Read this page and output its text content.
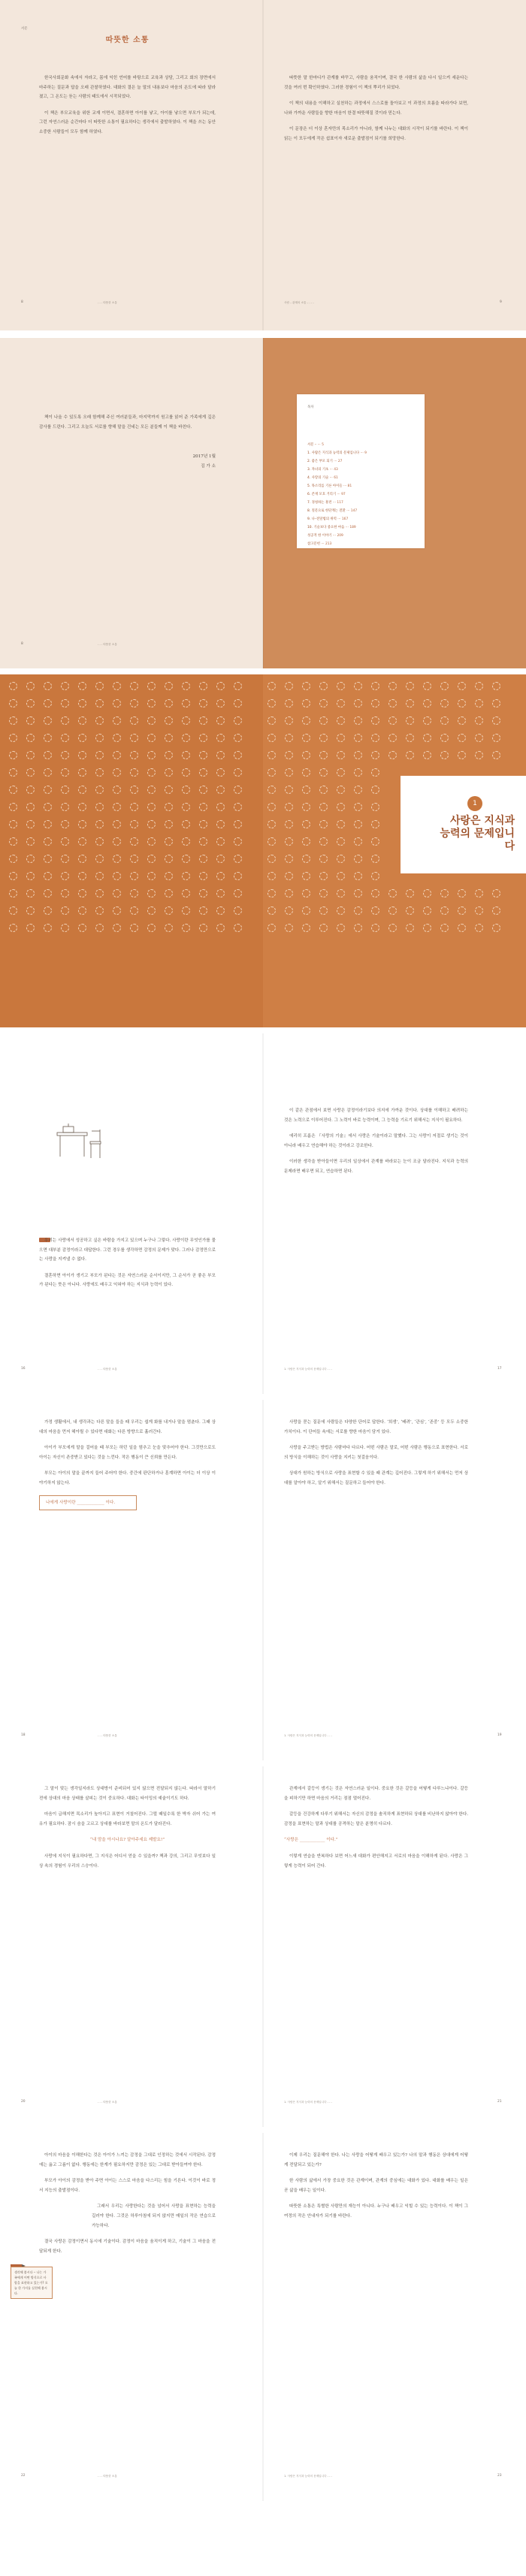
서문
따뜻한 소통

한국사회문화 속에서 자라고, 몸에 익힌 언어를 바탕으로 교육과 상담, 그리고 회의 장면에서 마주하는 질문과 답을 오래 관찰하였다. 대화의 결은 늘 말의 내용보다 마음의 온도에 따라 달라졌고, 그 온도는 듣는 사람의 태도에서 시작되었다.

이 책은 부모교육을 위한 교재 이면서, 결혼하면 아이를 낳고, 아이를 낳으면 부모가 되는데, 그런 자연스러운 순간마다 더 따뜻한 소통이 필요하다는 생각에서 출발하였다. 이 책을 쓰는 동안 소중한 사람들이 모두 함께 하였다.

8	- - - 따뜻한 소통

따뜻한 말 한마디가 관계를 바꾸고, 사람을 움직이며, 결국 한 사람의 삶을 다시 일으켜 세운다는 것을 여러 번 확인하였다. 그러한 경험이 이 책의 뿌리가 되었다.

이 책의 내용을 이해하고 실천하는 과정에서 스스로를 돌아보고 이 과정의 흐름을 따라가다 보면, 나와 가까운 사람들을 향한 마음이 한결 따뜻해질 것이라 믿는다.

이 문장은 더 이상 혼자만의 목소리가 아니라, 함께 나누는 대화의 시작이 되기를 바란다. 이 책이 읽는 이 모두에게 작은 쉼표이자 새로운 출발점이 되기를 희망한다.

사람 – 관계의 소통 – - - -	9

책이 나올 수 있도록 오래 함께해 주신 여러분들과, 마지막까지 원고를 읽어 준 가족에게 깊은 감사를 드린다. 그리고 오늘도 서로를 향해 말을 건네는 모든 분들께 이 책을 바친다.

2017년 1월
김 가 소
8	- - - 따뜻한 소통
목차
서문 – ··· 5
1. 사람은 지식과 능력의 문제입니다 ··· 9
2. 좋은 부모 되기 ··· 27
3. 자녀의 기초 ··· 43
4. 사랑의 기술 ··· 61
5. 목소리를 기른 아이들 ··· 81
6. 존재 모호 거리기 ··· 97
7. 경청하는 훈련 ··· 117
8. 질문으로 한단계는 전환 ··· 147
9. 나–전달법의 위력 ··· 167
10. 기술보다 중요한 마음 ··· 189
성공적 한 이야기 ··· 209
참고문헌 ··· 213
1
사랑은 지식과 능력의 문제입니다

우리는 사랑에서 성공하고 싶은 바람을 가지고 있으며 누구나 그렇다. 사랑이란 무엇인가를 물으면 대부분 감정이라고 대답한다. 그런 경우를 생각하면 감정의 문제가 맞다. 그러나 감정만으로는 사랑을 지켜낼 수 없다.

결혼하면 아이가 생기고 부모가 된다는 것은 자연스러운 순서이지만, 그 순서가 곧 좋은 부모가 된다는 뜻은 아니다. 사랑에도 배우고 익혀야 하는 지식과 능력이 있다.

16	- - - 따뜻한 소통

이 같은 관점에서 보면 사랑은 감정이라기보다 의지에 가까운 것이다. 상대를 이해하고 배려하는 것은 노력으로 이루어진다. 그 노력이 바로 능력이며, 그 능력을 기르기 위해서는 지식이 필요하다.

에리히 프롬은 『사랑의 기술』에서 사랑은 기술이라고 말했다. 그는 사랑이 저절로 생기는 것이 아니라 배우고 연습해야 하는 것이라고 강조한다.

이러한 생각을 받아들이면 우리의 일상에서 관계를 바라보는 눈이 조금 달라진다. 지식과 능력의 문제라면 배우면 되고, 연습하면 된다.

1. 사람은 지식과 능력의 문제입니다 - - -	17

가정 생활에서, 내 생각과는 다른 말을 들을 때 우리는 쉽게 화를 내거나 말을 멈춘다. 그때 상대의 마음을 먼저 헤아릴 수 있다면 대화는 다른 방향으로 흘러간다.

아이가 부모에게 말을 걸어올 때 부모는 하던 일을 멈추고 눈을 맞추어야 한다. 그것만으로도 아이는 자신이 존중받고 있다는 것을 느낀다. 작은 행동이 큰 신뢰를 만든다.

부모는 아이의 말을 끝까지 들어 주어야 한다. 중간에 판단하거나 훈계하면 아이는 더 이상 이야기하지 않는다.

나에게 사랑이란 _____________ 이다.
18	- - - 따뜻한 소통

사랑을 묻는 질문에 사람들은 다양한 단어로 답한다. ‘희생’, ‘배려’, ‘관심’, ‘존중’ 등 모두 소중한 가치이다. 이 단어들 속에는 서로를 향한 마음이 담겨 있다.

사랑을 주고받는 방법은 사람마다 다르다. 어떤 사람은 말로, 어떤 사람은 행동으로 표현한다. 서로의 방식을 이해하는 것이 사랑을 지키는 첫걸음이다.

상대가 원하는 방식으로 사랑을 표현할 수 있을 때 관계는 깊어진다. 그렇게 하기 위해서는 먼저 상대를 알아야 하고, 알기 위해서는 질문하고 들어야 한다.

1. 사람은 지식과 능력의 문제입니다 - - -	19

그 말이 맞는 생각일지라도 상대방이 준비되어 있지 않으면 전달되지 않는다. 따라서 말하기 전에 상대의 마음 상태를 살피는 것이 중요하다. 대화는 타이밍의 예술이기도 하다.

마음이 급해지면 목소리가 높아지고 표현이 거칠어진다. 그럴 때일수록 한 박자 쉬어 가는 여유가 필요하다. 잠시 숨을 고르고 상대를 바라보면 말의 온도가 달라진다.

“내 맘을 아시나요? 알아주세요 제발요!”

사랑에 지식이 필요하다면, 그 지식은 어디서 얻을 수 있을까? 책과 강의, 그리고 무엇보다 일상 속의 경험이 우리의 스승이다.

20	- - - 따뜻한 소통

관계에서 갈등이 생기는 것은 자연스러운 일이다. 중요한 것은 갈등을 어떻게 다루느냐이다. 갈등을 피하기만 하면 마음의 거리는 점점 멀어진다.

갈등을 건강하게 다루기 위해서는 자신의 감정을 솔직하게 표현하되 상대를 비난하지 않아야 한다. 감정을 표현하는 말과 상대를 공격하는 말은 분명히 다르다.

“사랑은 ____________ 이다.”

이렇게 연습을 반복하다 보면 어느새 대화가 편안해지고 서로의 마음을 이해하게 된다. 사랑은 그렇게 능력이 되어 간다.

1. 사람은 지식과 능력의 문제입니다 - - -	21

아이의 마음을 이해한다는 것은 아이가 느끼는 감정을 그대로 인정하는 것에서 시작된다. 감정에는 옳고 그름이 없다. 행동에는 한계가 필요하지만 감정은 있는 그대로 받아들여야 한다.

부모가 아이의 감정을 받아 주면 아이는 스스로 마음을 다스리는 힘을 기른다. 이것이 바로 정서 지능의 출발점이다.

그래서 우리는 사랑한다는 것을 넘어서 사랑을 표현하는 능력을 길러야 한다. 그것은 하루아침에 되지 않지만 매일의 작은 연습으로 가능하다.

결국 사랑은 감정이면서 동시에 기술이다. 감정이 마음을 움직이게 하고, 기술이 그 마음을 전달되게 한다.

생각해 봅시다 ‒ 나는 가족에게 어떤 방식으로 사랑을 표현하고 있는가? 오늘 한 가지를 실천해 봅시다.
22	- - - 따뜻한 소통

이제 우리는 질문해야 한다. 나는 사랑을 어떻게 배우고 있는가? 나의 말과 행동은 상대에게 어떻게 전달되고 있는가?

한 사람의 삶에서 가장 중요한 것은 관계이며, 관계의 중심에는 대화가 있다. 대화를 배우는 일은 곧 삶을 배우는 일이다.

따뜻한 소통은 특별한 사람만의 재능이 아니다. 누구나 배우고 익힐 수 있는 능력이다. 이 책이 그 여정의 작은 안내자가 되기를 바란다.

1. 사람은 지식과 능력의 문제입니다 - - -	23
